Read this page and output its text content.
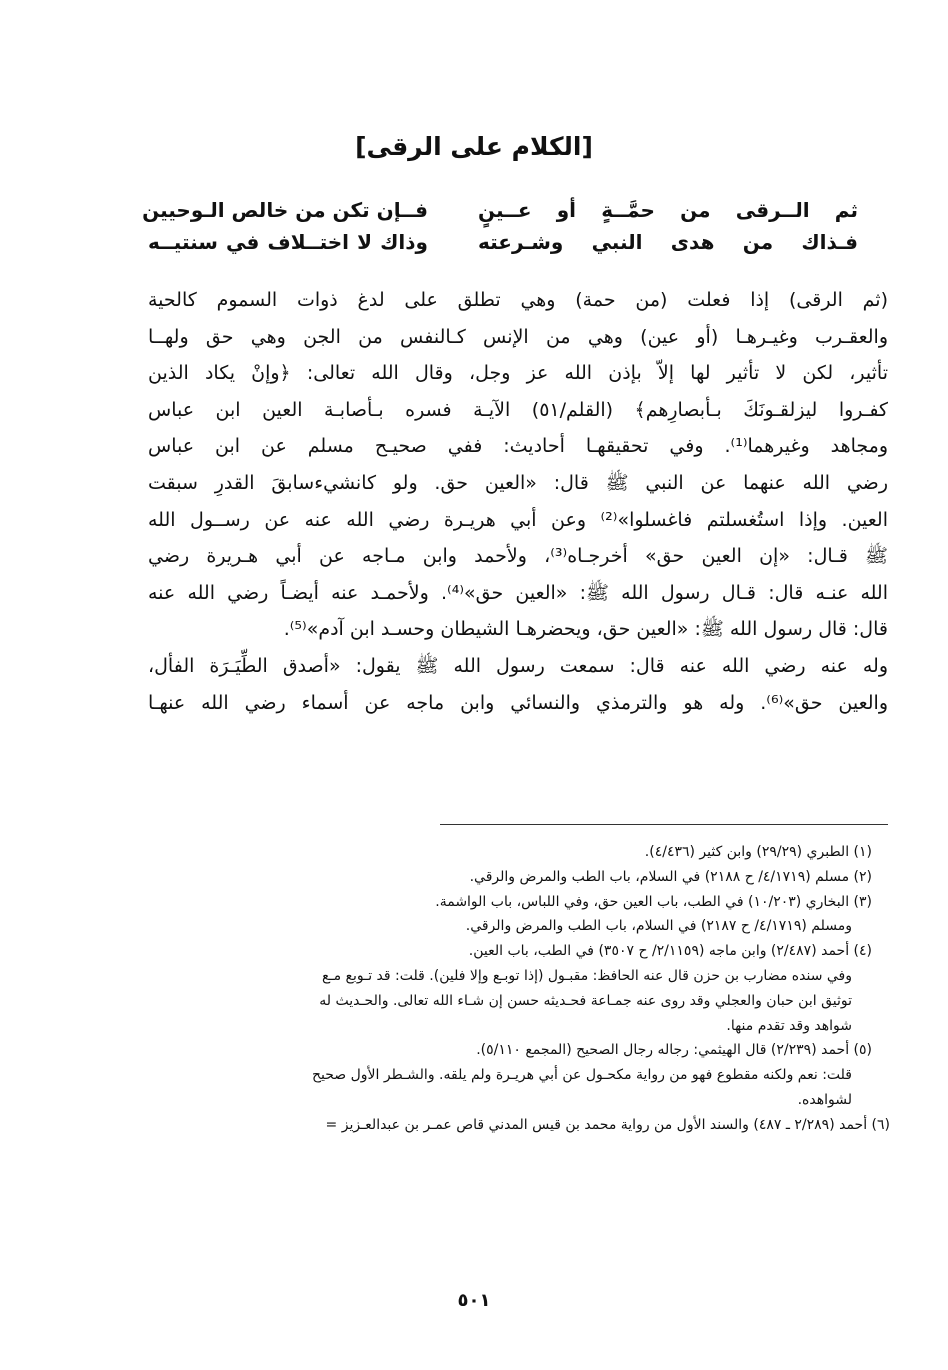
[الكلام على الرقى]
ثم الــرقى من حمَّــةٍ أو عــينٍ
فــإن تكن من خالص الـوحيين
فـذاك من هدى النبي وشـرعته
وذاك لا اختــلاف في سنتيــه
(ثم الرقى) إذا فعلت (من حمة) وهي تطلق على لدغ ذوات السموم كالحية
والعقـرب وغيـرهـا (أو عين) وهي من الإنس كـالنفس من الجن وهي حق ولهــا
تأثير، لكن لا تأثير لها إلاّ بإذن الله عز وجل، وقال الله تعالى: ﴿وإنْ يكاد الذين
كفـروا ليزلقـونَكَ بـأبصارِهم﴾ (القلم/٥١) الآيـة فسره بـأصابـة العين ابن عباس
ومجاهد وغيرهما⁽¹⁾. وفي تحقيقهـا أحاديث: ففي صحيـح مسلم عن ابن عباس
رضي الله عنهما عن النبي ﷺ قال: «العين حق. ولو كانشيءسابقَ القدرِ سبقت
العين. وإذا استُغسلتم فاغسلوا»⁽²⁾ وعن أبي هريـرة رضي الله عنه عن رســول الله
ﷺ قـال: «إن العين حق» أخرجـاه⁽³⁾، ولأحمد وابن مـاجه عن أبي هـريرة رضي
الله عنـه قال: قـال رسول الله ﷺ: «العين حق»⁽⁴⁾. ولأحمـد عنه أيضـاً رضي الله عنه
قال: قال رسول الله ﷺ: «العين حق، ويحضرهـا الشيطان وحسـد ابن آدم»⁽⁵⁾.
وله عنه رضي الله عنه قال: سمعت رسول الله ﷺ يقول: «أصدق الطِّيَـرَة الفأل،
والعين حق»⁽⁶⁾. وله هو والترمذي والنسائي وابن ماجه عن أسماء رضي الله عنهـا
(١) الطبري (٢٩/٢٩) وابن كثير (٤/٤٣٦).
(٢) مسلم (٤/١٧١٩/ ح ٢١٨٨) في السلام، باب الطب والمرض والرقي.
(٣) البخاري (١٠/٢٠٣) في الطب، باب العين حق، وفي اللباس، باب الواشمة.
ومسلم (٤/١٧١٩/ ح ٢١٨٧) في السلام، باب الطب والمرض والرقي.
(٤) أحمد (٢/٤٨٧) وابن ماجه (٢/١١٥٩/ ح ٣٥٠٧) في الطب، باب العين.
وفي سنده مضارب بن حزن قال عنه الحافظ: مقبـول (إذا توبـع وإلا فلين). قلت: قد تـوبع مـع
توثيق ابن حبان والعجلي وقد روى عنه جمـاعة فحـديثه حسن إن شـاء الله تعالى. والحـديث له
شواهد وقد تقدم منها.
(٥) أحمد (٢/٢٣٩) قال الهيثمي: رجاله رجال الصحيح (المجمع ٥/١١٠).
قلت: نعم ولكنه مقطوع فهو من رواية مكحـول عن أبي هريـرة ولم يلقه. والشـطر الأول صحيح
لشواهده.
(٦) أحمد (٢/٢٨٩ ـ ٤٨٧) والسند الأول من رواية محمد بن قيس المدني قاص عمـر بن عبدالعـزيز =
٥٠١
